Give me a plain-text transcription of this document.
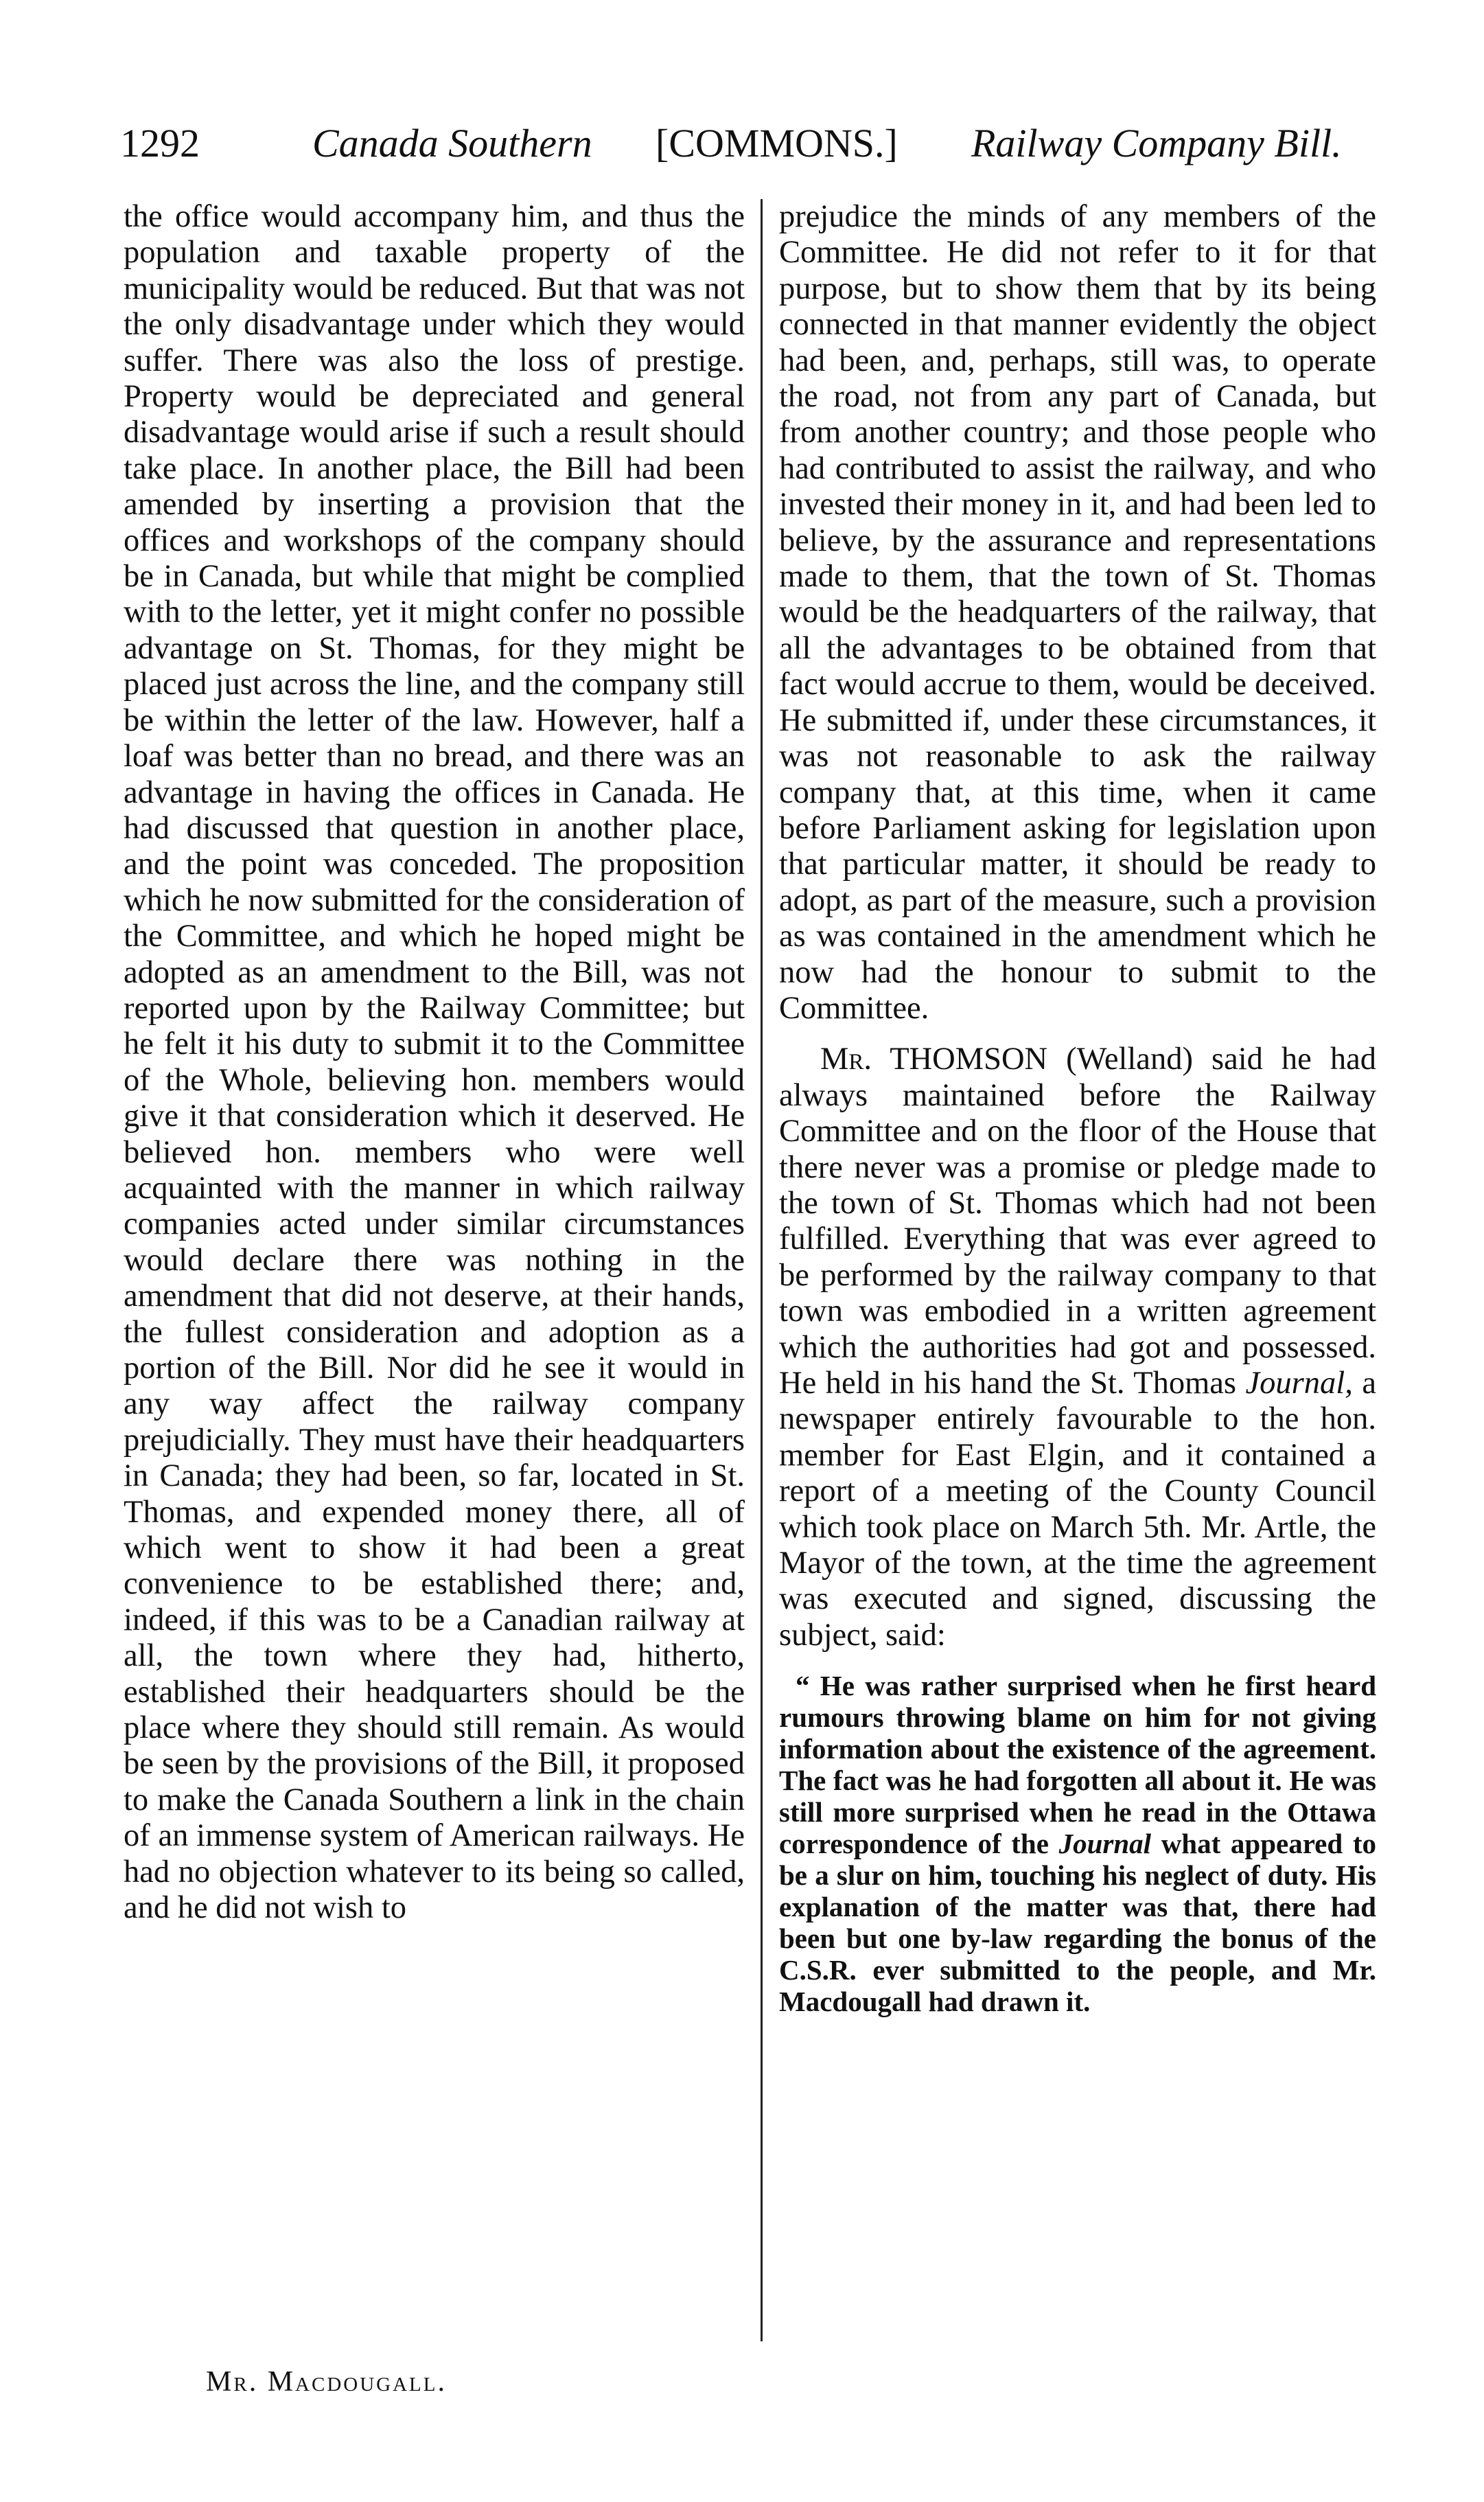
1292	Canada Southern [COMMONS.] Railway Company Bill.

the office would accompany him, and thus the population and taxable property of the municipality would be reduced. But that was not the only disadvantage under which they would suffer. There was also the loss of prestige. Property would be depreciated and general disadvantage would arise if such a result should take place. In another place, the Bill had been amended by inserting a provision that the offices and workshops of the company should be in Canada, but while that might be complied with to the letter, yet it might confer no possible advantage on St. Thomas, for they might be placed just across the line, and the company still be within the letter of the law. However, half a loaf was better than no bread, and there was an advantage in having the offices in Canada. He had discussed that question in another place, and the point was conceded. The proposition which he now submitted for the consideration of the Committee, and which he hoped might be adopted as an amendment to the Bill, was not reported upon by the Railway Committee; but he felt it his duty to submit it to the Committee of the Whole, believing hon. members would give it that consideration which it deserved. He believed hon. members who were well acquainted with the manner in which railway companies acted under similar circumstances would declare there was nothing in the amendment that did not deserve, at their hands, the fullest consideration and adoption as a portion of the Bill. Nor did he see it would in any way affect the railway company prejudicially. They must have their headquarters in Canada; they had been, so far, located in St. Thomas, and expended money there, all of which went to show it had been a great convenience to be established there; and, indeed, if this was to be a Canadian railway at all, the town where they had, hitherto, established their headquarters should be the place where they should still remain. As would be seen by the provisions of the Bill, it proposed to make the Canada Southern a link in the chain of an immense system of American railways. He had no objection whatever to its being so called, and he did not wish to

prejudice the minds of any members of the Committee. He did not refer to it for that purpose, but to show them that by its being connected in that manner evidently the object had been, and, perhaps, still was, to operate the road, not from any part of Canada, but from another country; and those people who had contributed to assist the railway, and who invested their money in it, and had been led to believe, by the assurance and representations made to them, that the town of St. Thomas would be the headquarters of the railway, that all the advantages to be obtained from that fact would accrue to them, would be deceived. He submitted if, under these circumstances, it was not reasonable to ask the railway company that, at this time, when it came before Parliament asking for legislation upon that particular matter, it should be ready to adopt, as part of the measure, such a provision as was contained in the amendment which he now had the honour to submit to the Committee.

Mr. THOMSON (Welland) said he had always maintained before the Railway Committee and on the floor of the House that there never was a promise or pledge made to the town of St. Thomas which had not been fulfilled. Everything that was ever agreed to be performed by the railway company to that town was embodied in a written agreement which the authorities had got and possessed. He held in his hand the St. Thomas Journal, a newspaper entirely favourable to the hon. member for East Elgin, and it contained a report of a meeting of the County Council which took place on March 5th. Mr. Artle, the Mayor of the town, at the time the agreement was executed and signed, discussing the subject, said:

“ He was rather surprised when he first heard rumours throwing blame on him for not giving information about the existence of the agreement. The fact was he had forgotten all about it. He was still more surprised when he read in the Ottawa correspondence of the Journal what appeared to be a slur on him, touching his neglect of duty. His explanation of the matter was that, there had been but one by-law regarding the bonus of the C.S.R. ever submitted to the people, and Mr. Macdougall had drawn it.

Mr. Macdougall.
